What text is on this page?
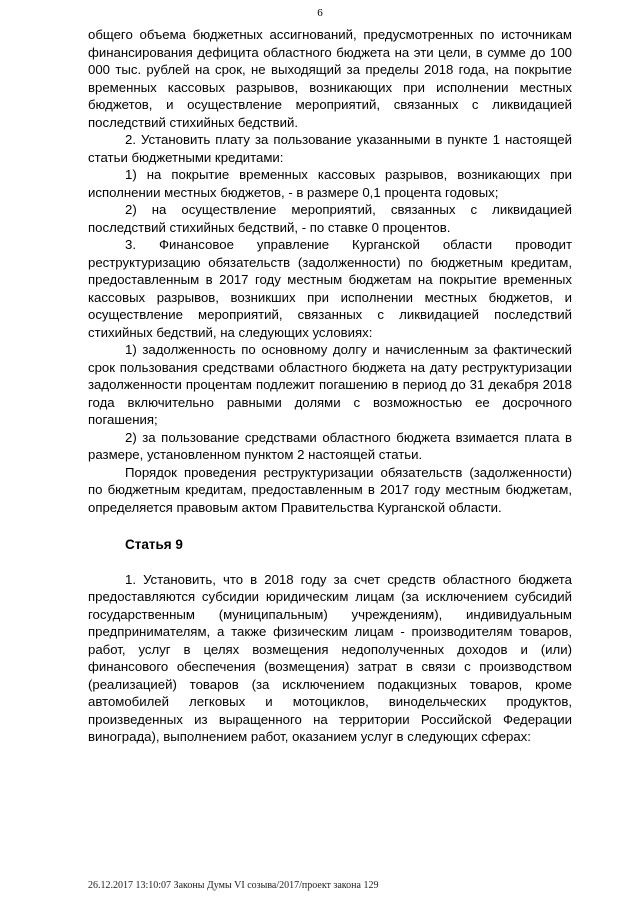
6

общего объема бюджетных ассигнований, предусмотренных по источникам финансирования дефицита областного бюджета на эти цели, в сумме до 100 000 тыс. рублей на срок, не выходящий за пределы 2018 года, на покрытие временных кассовых разрывов, возникающих при исполнении местных бюджетов, и осуществление мероприятий, связанных с ликвидацией последствий стихийных бедствий.

2. Установить плату за пользование указанными в пункте 1 настоящей статьи бюджетными кредитами:

1) на покрытие временных кассовых разрывов, возникающих при исполнении местных бюджетов, - в размере 0,1 процента годовых;

2) на осуществление мероприятий, связанных с ликвидацией последствий стихийных бедствий, - по ставке 0 процентов.

3. Финансовое управление Курганской области проводит реструктуризацию обязательств (задолженности) по бюджетным кредитам, предоставленным в 2017 году местным бюджетам на покрытие временных кассовых разрывов, возникших при исполнении местных бюджетов, и осуществление мероприятий, связанных с ликвидацией последствий стихийных бедствий, на следующих условиях:

1) задолженность по основному долгу и начисленным за фактический срок пользования средствами областного бюджета на дату реструктуризации задолженности процентам подлежит погашению в период до 31 декабря 2018 года включительно равными долями с возможностью ее досрочного погашения;

2) за пользование средствами областного бюджета взимается плата в размере, установленном пунктом 2 настоящей статьи.

Порядок проведения реструктуризации обязательств (задолженности) по бюджетным кредитам, предоставленным в 2017 году местным бюджетам, определяется правовым актом Правительства Курганской области.

Статья 9

1. Установить, что в 2018 году за счет средств областного бюджета предоставляются субсидии юридическим лицам (за исключением субсидий государственным (муниципальным) учреждениям), индивидуальным предпринимателям, а также физическим лицам - производителям товаров, работ, услуг в целях возмещения недополученных доходов и (или) финансового обеспечения (возмещения) затрат в связи с производством (реализацией) товаров (за исключением подакцизных товаров, кроме автомобилей легковых и мотоциклов, винодельческих продуктов, произведенных из выращенного на территории Российской Федерации винограда), выполнением работ, оказанием услуг в следующих сферах:

26.12.2017 13:10:07 Законы Думы VI созыва/2017/проект закона 129
